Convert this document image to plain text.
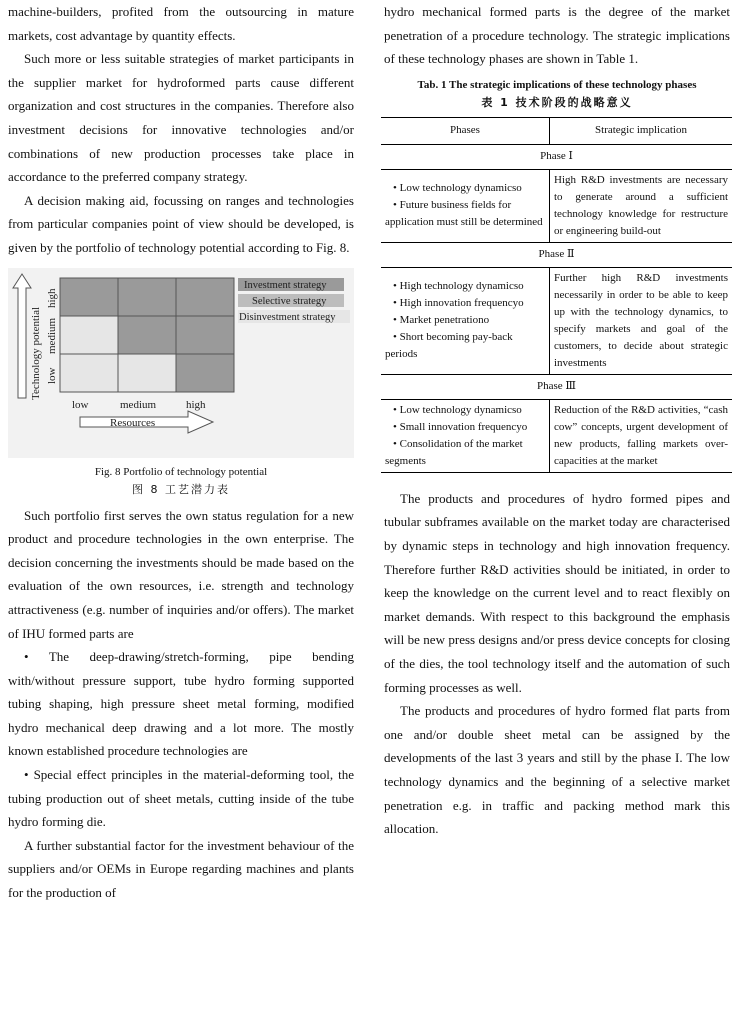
machine-builders, profited from the outsourcing in mature markets, cost advantage by quantity effects.

Such more or less suitable strategies of market participants in the supplier market for hydroformed parts cause different organization and cost structures in the companies. Therefore also investment decisions for innovative technologies and/or combinations of new production processes take place in accordance to the preferred company strategy.

A decision making aid, focussing on ranges and technologies from particular companies point of view should be developed, is given by the portfolio of technology potential according to Fig. 8.

Technology potential
high
medium
low
low	medium	high
Resources
Investment strategy
Selective strategy
Disinvestment strategy
Fig. 8 Portfolio of technology potential
图 8 工艺潜力表

Such portfolio first serves the own status regulation for a new product and procedure technologies in the own enterprise. The decision concerning the investments should be made based on the evaluation of the own resources, i.e. strength and technology attractiveness (e.g. number of inquiries and/or offers). The market of IHU formed parts are

• The deep-drawing/stretch-forming, pipe bending with/without pressure support, tube hydro forming supported tubing shaping, high pressure sheet metal forming, modified hydro mechanical deep drawing and a lot more. The mostly known established procedure technologies are

• Special effect principles in the material-deforming tool, the tubing production out of sheet metals, cutting inside of the tube hydro forming die.

A further substantial factor for the investment behaviour of the suppliers and/or OEMs in Europe regarding machines and plants for the production of

hydro mechanical formed parts is the degree of the market penetration of a procedure technology. The strategic implications of these technology phases are shown in Table 1.

Tab. 1 The strategic implications of these technology phases
表 1 技术阶段的战略意义
Phases	Strategic implication
Phase Ⅰ	

• Low technology dynamicso
• Future business fields for application must still be determined	High R&D investments are necessary to generate around a sufficient technology knowledge for restructure or engineering build-out
Phase Ⅱ	

• High technology dynamicso
• High innovation frequencyo
• Market penetrationo
• Short becoming pay-back periods	Further high R&D investments necessarily in order to be able to keep up with the technology dynamics, to specify markets and goal of the customers, to decide about strategic investments
Phase Ⅲ	

• Low technology dynamicso
• Small innovation frequencyo
• Consolidation of the market segments	Reduction of the R&D activities, “cash cow” concepts, urgent development of new products, falling markets over-capacities at the market

The products and procedures of hydro formed pipes and tubular subframes available on the market today are characterised by dynamic steps in technology and high innovation frequency. Therefore further R&D activities should be initiated, in order to keep the knowledge on the current level and to react flexibly on market demands. With respect to this background the emphasis will be new press designs and/or press device concepts for closing of the dies, the tool technology itself and the automation of such forming processes as well.

The products and procedures of hydro formed flat parts from one and/or double sheet metal can be assigned by the developments of the last 3 years and still by the phase I. The low technology dynamics and the beginning of a selective market penetration e.g. in traffic and packing method mark this allocation.
